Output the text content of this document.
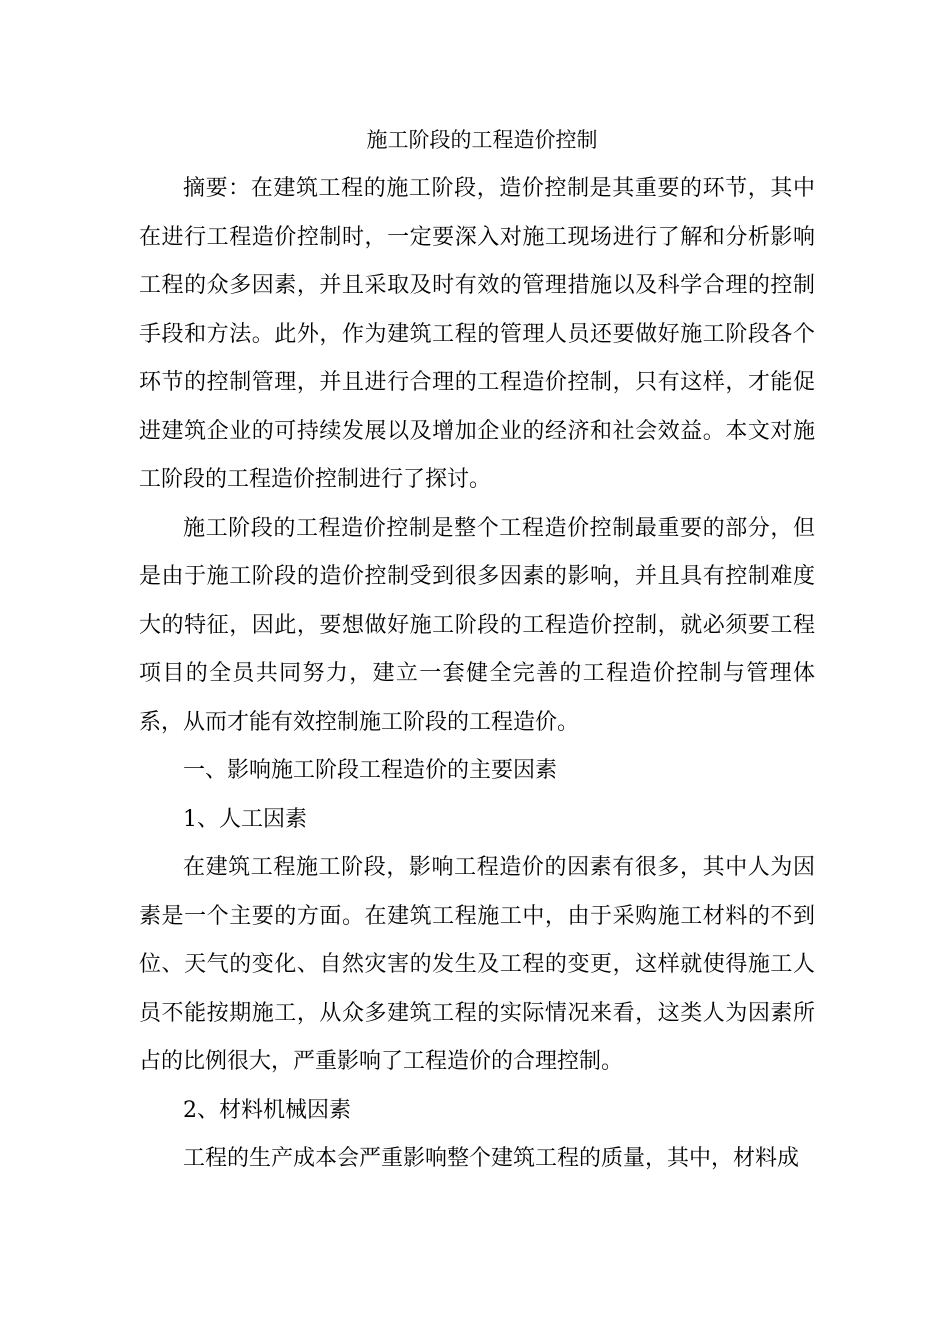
施工阶段的工程造价控制

摘要：在建筑工程的施工阶段，造价控制是其重要的环节，其中在进行工程造价控制时，一定要深入对施工现场进行了解和分析影响工程的众多因素，并且采取及时有效的管理措施以及科学合理的控制手段和方法。此外，作为建筑工程的管理人员还要做好施工阶段各个环节的控制管理，并且进行合理的工程造价控制，只有这样，才能促进建筑企业的可持续发展以及增加企业的经济和社会效益。本文对施工阶段的工程造价控制进行了探讨。

施工阶段的工程造价控制是整个工程造价控制最重要的部分，但是由于施工阶段的造价控制受到很多因素的影响，并且具有控制难度大的特征，因此，要想做好施工阶段的工程造价控制，就必须要工程项目的全员共同努力，建立一套健全完善的工程造价控制与管理体系，从而才能有效控制施工阶段的工程造价。

一、影响施工阶段工程造价的主要因素

1、人工因素

在建筑工程施工阶段，影响工程造价的因素有很多，其中人为因素是一个主要的方面。在建筑工程施工中，由于采购施工材料的不到位、天气的变化、自然灾害的发生及工程的变更，这样就使得施工人员不能按期施工，从众多建筑工程的实际情况来看，这类人为因素所占的比例很大，严重影响了工程造价的合理控制。

2、材料机械因素

工程的生产成本会严重影响整个建筑工程的质量，其中，材料成
